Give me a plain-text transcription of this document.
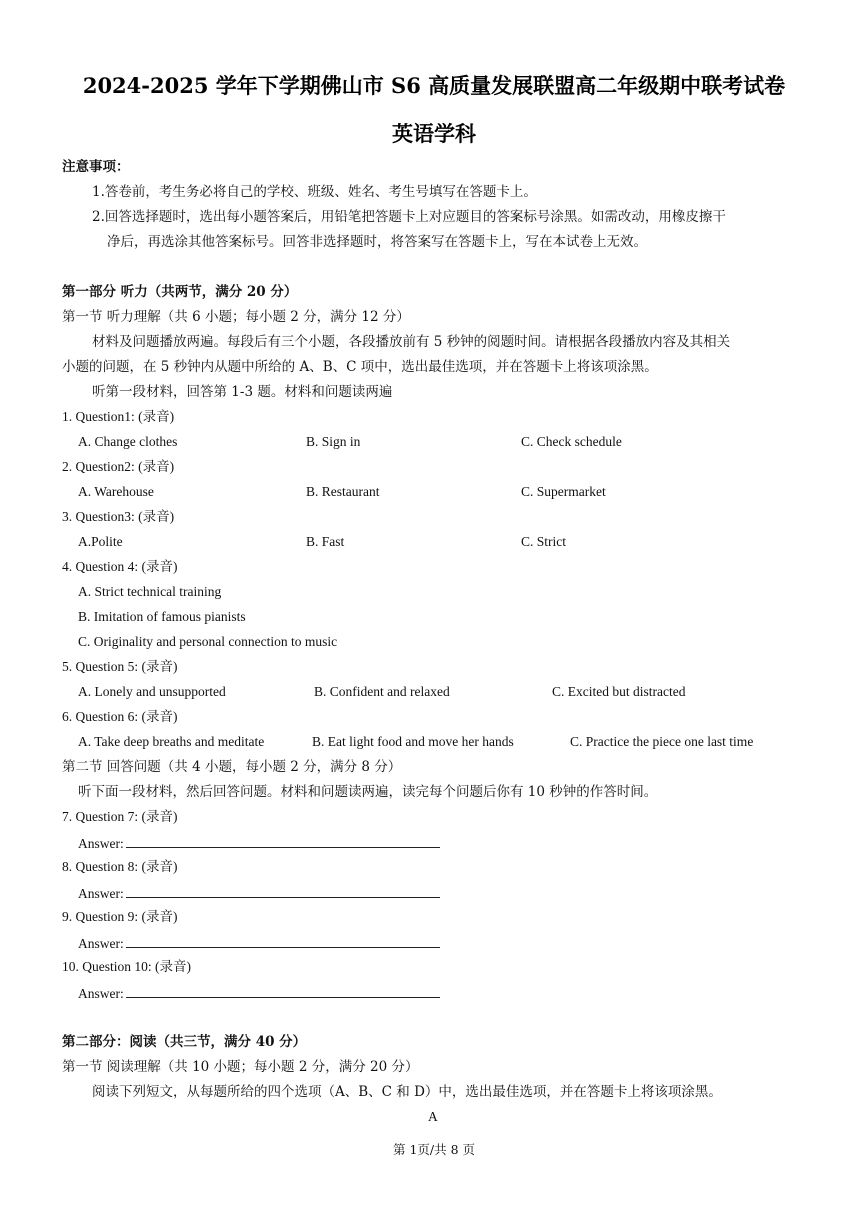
2024-2025 学年下学期佛山市 S6 高质量发展联盟高二年级期中联考试卷
英语学科
注意事项：
1.答卷前，考生务必将自己的学校、班级、姓名、考生号填写在答题卡上。
2.回答选择题时，选出每小题答案后，用铅笔把答题卡上对应题目的答案标号涂黑。如需改动，用橡皮擦干
净后，再选涂其他答案标号。回答非选择题时，将答案写在答题卡上，写在本试卷上无效。
第一部分 听力（共两节，满分 20 分）
第一节 听力理解（共 6 小题；每小题 2 分，满分 12 分）
材料及问题播放两遍。每段后有三个小题，各段播放前有 5 秒钟的阅题时间。请根据各段播放内容及其相关
小题的问题，在 5 秒钟内从题中所给的 A、B、C 项中，选出最佳选项，并在答题卡上将该项涂黑。
听第一段材料，回答第 1-3 题。材料和问题读两遍
1. Question1: (录音)
A. Change clothes	B. Sign in	C. Check schedule
2. Question2: (录音)
A. Warehouse	B. Restaurant	C. Supermarket
3. Question3: (录音)
A.Polite	B. Fast	C. Strict
4. Question 4: (录音)
A. Strict technical training
B. Imitation of famous pianists
C. Originality and personal connection to music
5. Question 5: (录音)
A. Lonely and unsupported	B. Confident and relaxed	C. Excited but distracted
6. Question 6: (录音)
A. Take deep breaths and meditate	B. Eat light food and move her hands	C. Practice the piece one last time
第二节 回答问题（共 4 小题，每小题 2 分，满分 8 分）
听下面一段材料，然后回答问题。材料和问题读两遍，读完每个问题后你有 10 秒钟的作答时间。
7. Question 7: (录音)
Answer:
8. Question 8: (录音)
Answer:
9. Question 9: (录音)
Answer:
10. Question 10: (录音)
Answer:
第二部分：阅读（共三节，满分 40 分）
第一节 阅读理解（共 10 小题；每小题 2 分，满分 20 分）
阅读下列短文，从每题所给的四个选项（A、B、C 和 D）中，选出最佳选项，并在答题卡上将该项涂黑。
A
第 1页/共 8 页
